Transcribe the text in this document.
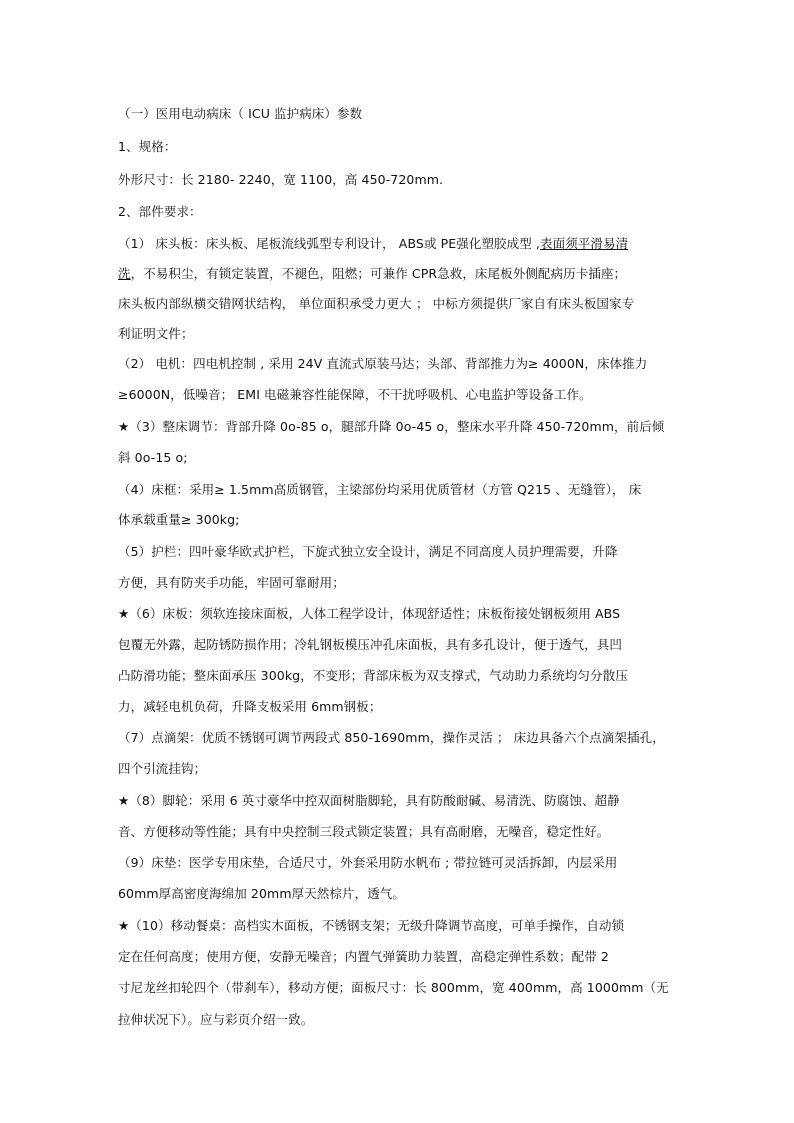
（一）医用电动病床（ ICU 监护病床）参数
1、规格：
外形尺寸：长 2180- 2240，宽 1100，高 450-720mm.
2、部件要求：
（1） 床头板：床头板、尾板流线弧型专利设计， ABS或 PE强化塑胶成型 ,表面须平滑易清
洗，不易积尘，有锁定装置，不褪色，阻燃；可兼作 CPR急救，床尾板外侧配病历卡插座；
床头板内部纵横交错网状结构， 单位面积承受力更大 ； 中标方须提供厂家自有床头板国家专
利证明文件；
（2） 电机：四电机控制 , 采用 24V 直流式原装马达；头部、背部推力为≥ 4000N，床体推力
≥6000N，低噪音； EMI 电磁兼容性能保障，不干扰呼吸机、心电监护等设备工作。
★（3）整床调节：背部升降 0o-85 o，腿部升降 0o-45 o，整床水平升降 450-720mm，前后倾
斜 0o-15 o;
（4）床框：采用≥ 1.5mm高质钢管，主梁部份均采用优质管材（方管 Q215 、无缝管）， 床
体承载重量≥ 300kg;
（5）护栏：四叶豪华欧式护栏，下旋式独立安全设计，满足不同高度人员护理需要，升降
方便，具有防夹手功能，牢固可靠耐用；
★（6）床板：须软连接床面板，人体工程学设计，体现舒适性；床板衔接处钢板须用 ABS
包覆无外露，起防锈防损作用；冷轧钢板模压冲孔床面板，具有多孔设计，便于透气，具凹
凸防滑功能；整床面承压 300kg，不变形；背部床板为双支撑式，气动助力系统均匀分散压
力，减轻电机负荷，升降支板采用 6mm钢板；
（7）点滴架：优质不锈钢可调节两段式 850-1690mm，操作灵活 ； 床边具备六个点滴架插孔，
四个引流挂钩；
★（8）脚轮：采用 6 英寸豪华中控双面树脂脚轮，具有防酸耐碱、易清洗、防腐蚀、超静
音、方便移动等性能；具有中央控制三段式锁定装置；具有高耐磨，无噪音，稳定性好。
（9）床垫：医学专用床垫，合适尺寸，外套采用防水帆布 ; 带拉链可灵活拆卸，内层采用
60mm厚高密度海绵加 20mm厚天然棕片，透气。
★（10）移动餐桌：高档实木面板，不锈钢支架；无级升降调节高度，可单手操作，自动锁
定在任何高度；使用方便，安静无噪音；内置气弹簧助力装置，高稳定弹性系数；配带 2
寸尼龙丝扣轮四个（带刹车），移动方便；面板尺寸：长 800mm，宽 400mm，高 1000mm（无
拉伸状况下）。应与彩页介绍一致。
